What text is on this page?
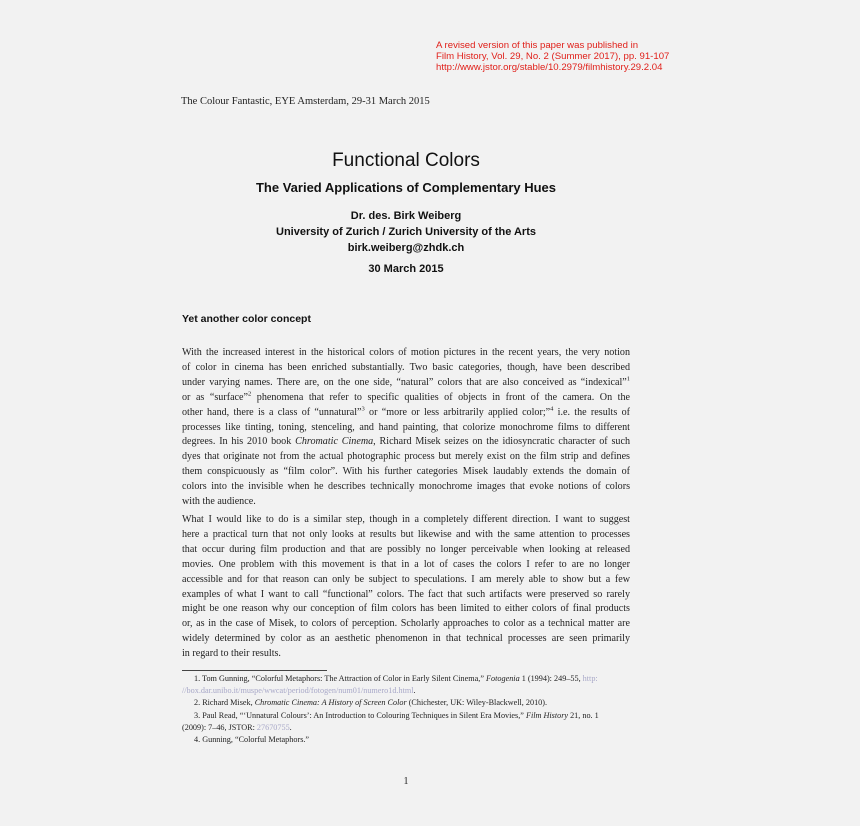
A revised version of this paper was published in
Film History, Vol. 29, No. 2 (Summer 2017), pp. 91-107
http://www.jstor.org/stable/10.2979/filmhistory.29.2.04
The Colour Fantastic, EYE Amsterdam, 29-31 March 2015
Functional Colors
The Varied Applications of Complementary Hues
Dr. des. Birk Weiberg
University of Zurich / Zurich University of the Arts
birk.weiberg@zhdk.ch
30 March 2015
Yet another color concept
With the increased interest in the historical colors of motion pictures in the recent years, the very notion
of color in cinema has been enriched substantially. Two basic categories, though, have been described
under varying names. There are, on the one side, “natural” colors that are also conceived as “indexical”$^1$
or as “surface”$^2$ phenomena that refer to specific qualities of objects in front of the camera. On the
other hand, there is a class of “unnatural”$^3$ or “more or less arbitrarily applied color;”$^4$ i.e. the results of
processes like tinting, toning, stenceling, and hand painting, that colorize monochrome films to different
degrees. In his 2010 book Chromatic Cinema, Richard Misek seizes on the idiosyncratic character of such
dyes that originate not from the actual photographic process but merely exist on the film strip and defines
them conspicuously as “film color”. With his further categories Misek laudably extends the domain of
colors into the invisible when he describes technically monochrome images that evoke notions of colors
with the audience.
What I would like to do is a similar step, though in a completely different direction. I want to suggest
here a practical turn that not only looks at results but likewise and with the same attention to processes
that occur during film production and that are possibly no longer perceivable when looking at released
movies. One problem with this movement is that in a lot of cases the colors I refer to are no longer
accessible and for that reason can only be subject to speculations. I am merely able to show but a few
examples of what I want to call “functional” colors. The fact that such artifacts were preserved so rarely
might be one reason why our conception of film colors has been limited to either colors of final products
or, as in the case of Misek, to colors of perception. Scholarly approaches to color as a technical matter are
widely determined by color as an aesthetic phenomenon in that technical processes are seen primarily
in regard to their results.
1. Tom Gunning, “Colorful Metaphors: The Attraction of Color in Early Silent Cinema,” Fotogenia 1 (1994): 249–55, http:
//box.dar.unibo.it/muspe/wwcat/period/fotogen/num01/numero1d.html.
2. Richard Misek, Chromatic Cinema: A History of Screen Color (Chichester, UK: Wiley-Blackwell, 2010).
3. Paul Read, “‘Unnatural Colours’: An Introduction to Colouring Techniques in Silent Era Movies,” Film History 21, no. 1
(2009): 7–46, JSTOR: 27670755.
4. Gunning, “Colorful Metaphors.”
1
